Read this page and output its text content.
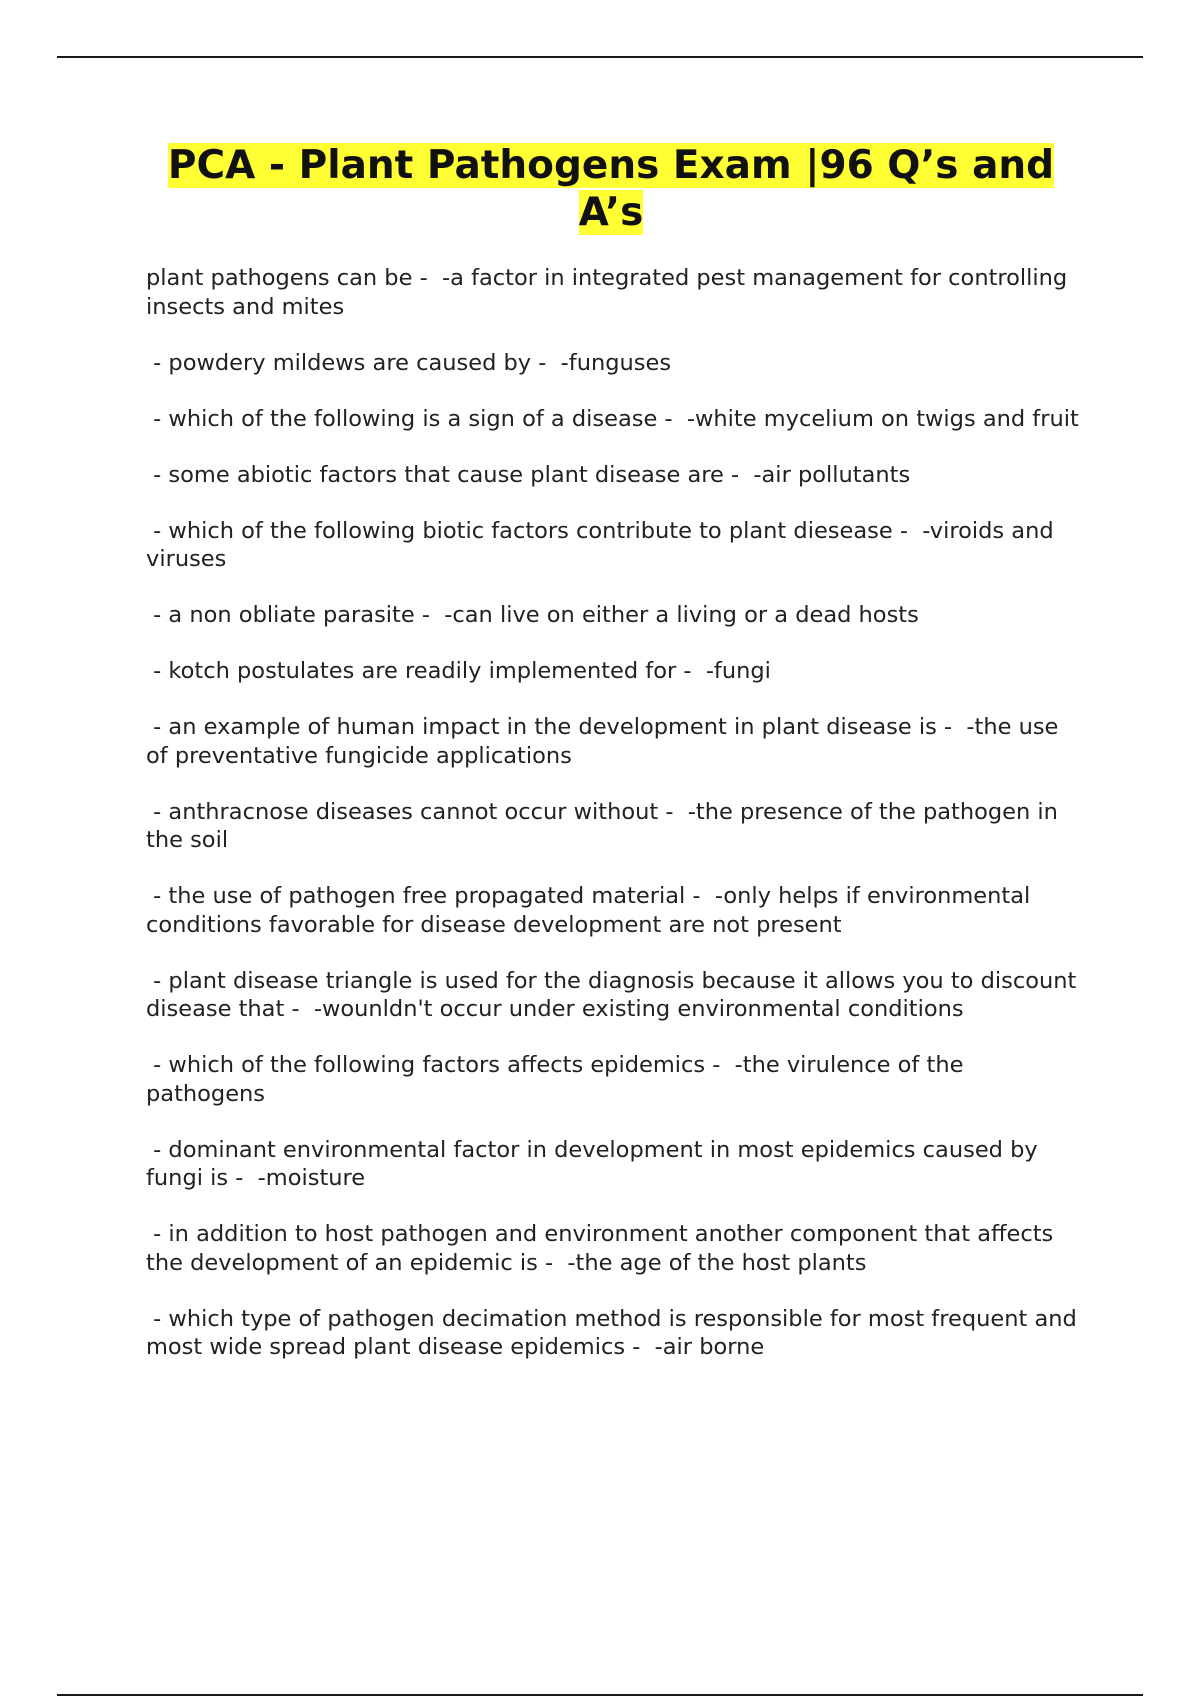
PCA - Plant Pathogens Exam |96 Q’s and A’s
plant pathogens can be -  -a factor in integrated pest management for controlling insects and mites
- powdery mildews are caused by -  -funguses
- which of the following is a sign of a disease -  -white mycelium on twigs and fruit
- some abiotic factors that cause plant disease are -  -air pollutants
- which of the following biotic factors contribute to plant diesease -  -viroids and viruses
- a non obliate parasite -  -can live on either a living or a dead hosts
- kotch postulates are readily implemented for -  -fungi
- an example of human impact in the development in plant disease is -  -the use of preventative fungicide applications
- anthracnose diseases cannot occur without -  -the presence of the pathogen in the soil
- the use of pathogen free propagated material -  -only helps if environmental conditions favorable for disease development are not present
- plant disease triangle is used for the diagnosis because it allows you to discount disease that -  -wounldn't occur under existing environmental conditions
- which of the following factors affects epidemics -  -the virulence of the pathogens
- dominant environmental factor in development in most epidemics caused by fungi is -  -moisture
- in addition to host pathogen and environment another component that affects the development of an epidemic is -  -the age of the host plants
- which type of pathogen decimation method is responsible for most frequent and most wide spread plant disease epidemics -  -air borne
